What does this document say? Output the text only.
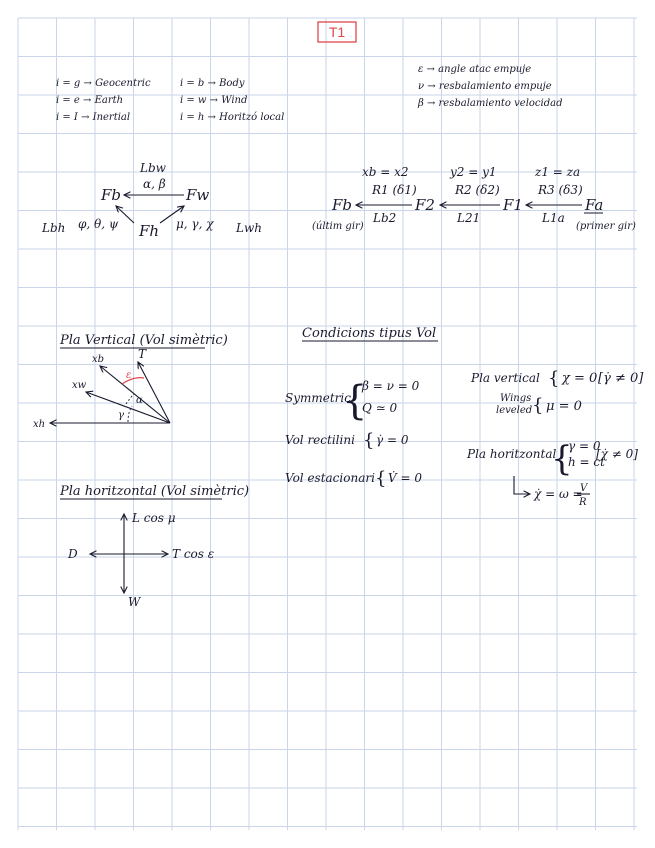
T1
i = g → Geocentric
i = e → Earth
i = I → Inertial
i = b → Body
i = w → Wind
i = h → Horitzó local
ε → angle atac empuje
ν → resbalamiento empuje
β → resbalamiento velocidad
Lbw
α, β
Fb	Fw
Fh
Lbh φ, θ, ψ	μ, γ, χ Lwh
xb = x2	y2 = y1	z1 = za
R1 (δ1)	R2 (δ2)	R3 (δ3)
Fb	F2	F1	Fa
Lb2	L21	L1a
(últim gir)	(primer gir)
Pla Vertical (Vol simètric)
xb	T
xw
xh
ε
α
γ
Condicions tipus Vol
Symmetric
{
β = ν = 0
Q ≃ 0
Vol rectilini { γ̇ = 0
Vol estacionari { V̇ = 0
Pla vertical { χ = 0 [γ̇ ≠ 0]
Wings
leveled { μ = 0
Pla horitzontal
{
γ = 0
h = ct
[χ̇ ≠ 0]
χ̇ = ω =
V
R
Pla horitzontal (Vol simètric)
L cos μ
D	T cos ε
W
